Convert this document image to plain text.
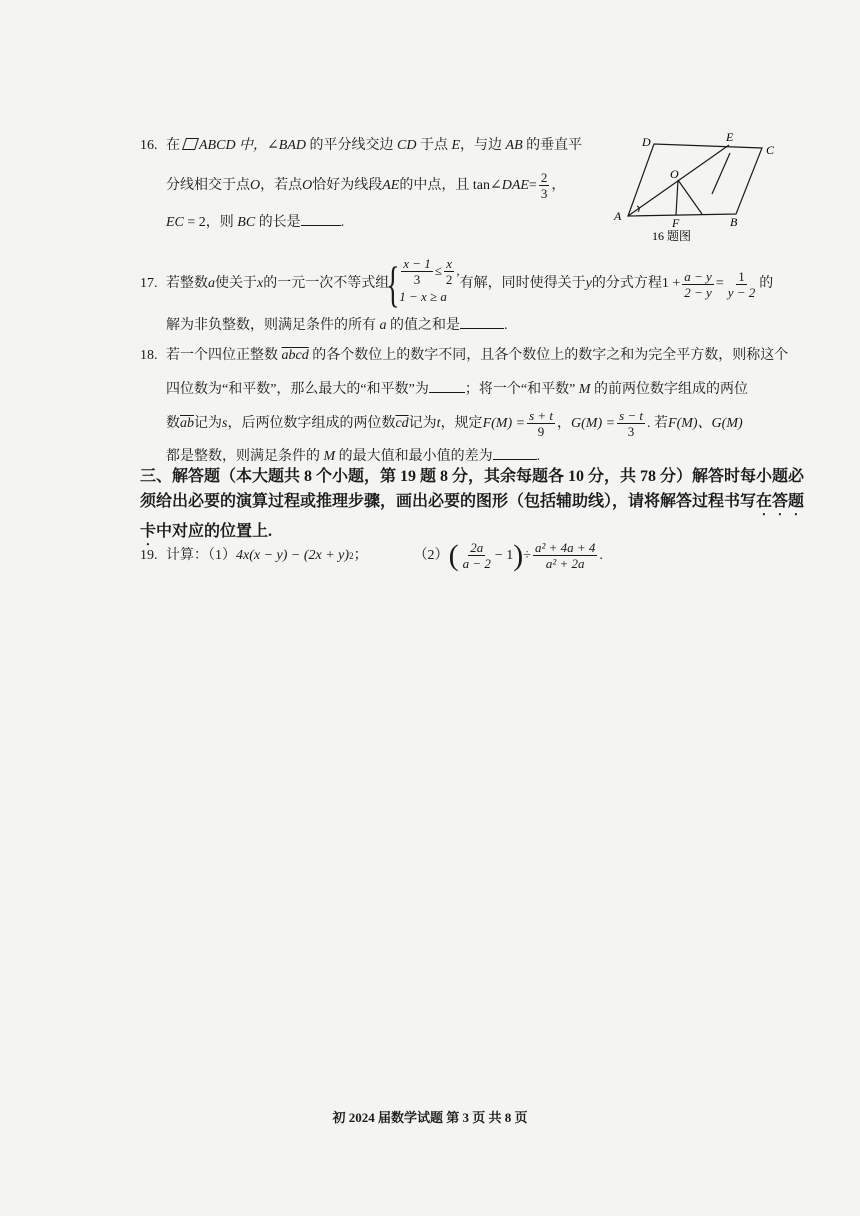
16. 在 ABCD 中，∠BAD 的平分线交边 CD 于点 E，与边 AB 的垂直平
分线相交于点 O ，若点 O 恰好为线段 AE 的中点，且 tan∠ DAE = $\frac{2}{3}$ ，
EC = 2，则 BC 的长是	.	A	B
C
D	E
O
F
16 题图
17. 若整数 a 使关于 x 的一元一次不等式组
{ $\frac{x - 1}{3} \le \frac{x}{2}$ ,
1 − x ≥ a
有解，同时使得关于 y 的分式方程 $1 + \frac{a - y}{2 - y} = \frac{1}{y - 2}$ 的
解为非负整数，则满足条件的所有 a 的值之和是	.
18. 若一个四位正整数 abcd 的各个数位上的数字不同，且各个数位上的数字之和为完全平方数，则称这个
四位数为“和平数”，那么最大的“和平数”为	；将一个“和平数” M 的前两位数字组成的两位
数 $\overline{ab}$ 记为 s ，后两位数字组成的两位数 $\overline{cd}$ 记为 t ，规定 $F(M) = \frac{s + t}{9}$ ， $G(M) = \frac{s - t}{3}$ . 若 F(M)、G(M)
都是整数，则满足条件的 M 的最大值和最小值的差为	.
三、解答题（本大题共 8 个小题，第 19 题 8 分，其余每题各 10 分，共 78 分）解答时每小题必须给出必要的演算过程或推理步骤，画出必要的图形（包括辅助线），请将解答过程书写在答题卡中对应的位置上.
19. 计算：（1） 4x(x − y) − (2x + y) 2 ；	（2） ( $\frac{2a}{a - 2} - 1$ ) ÷ $\frac{\text{a² + 4a + 4}}{\text{a² + 2a}}$ .
初 2024 届数学试题 第 3 页 共 8 页
